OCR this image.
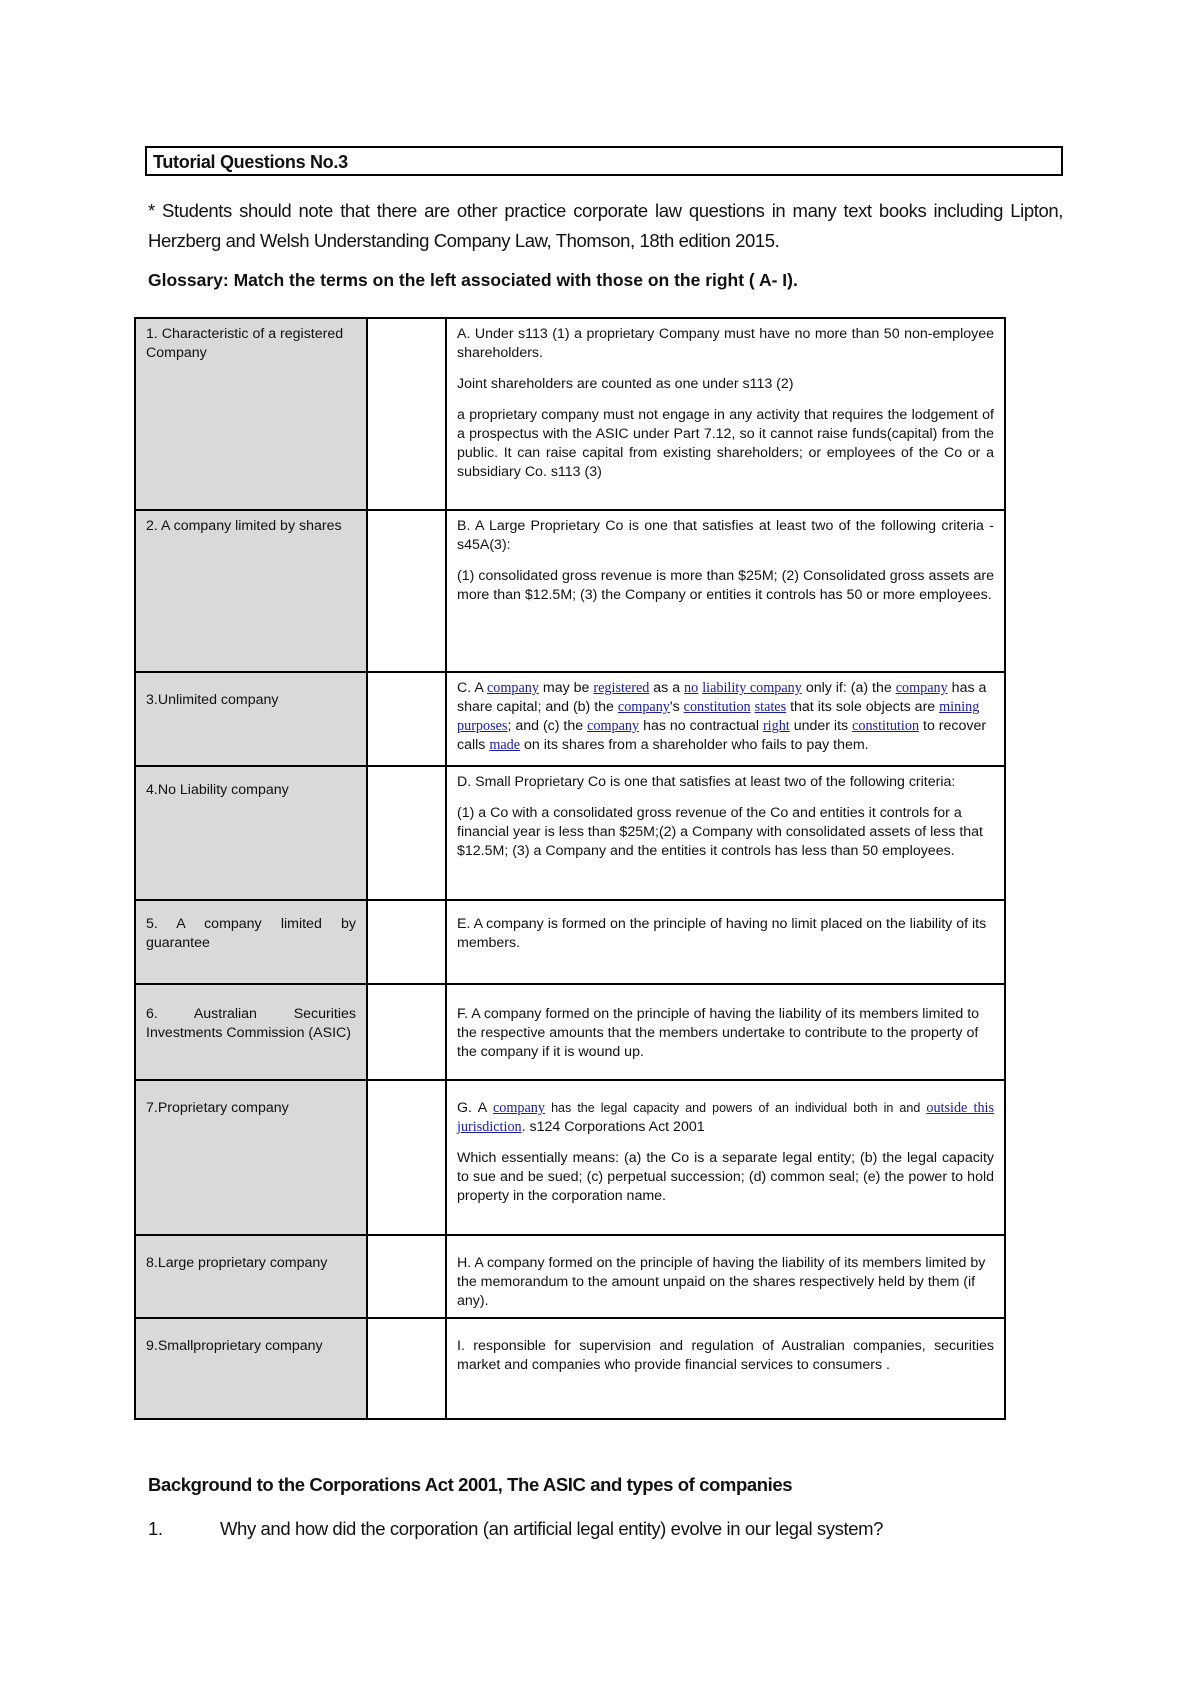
Tutorial Questions No.3
* Students should note that there are other practice corporate law questions in many text books including Lipton, Herzberg and Welsh Understanding Company Law, Thomson, 18th edition 2015.
Glossary: Match the terms on the left associated with those on the right ( A- I).
1. Characteristic of a registered Company		A. Under s113 (1) a proprietary Company must have no more than 50 non-employee shareholders.

Joint shareholders are counted as one under s113 (2)

a proprietary company must not engage in any activity that requires the lodgement of a prospectus with the ASIC under Part 7.12, so it cannot raise funds(capital) from the public. It can raise capital from existing shareholders; or employees of the Co or a subsidiary Co. s113 (3)

2. A company limited by shares		B. A Large Proprietary Co is one that satisfies at least two of the following criteria - s45A(3):

(1) consolidated gross revenue is more than $25M; (2) Consolidated gross assets are more than $12.5M; (3) the Company or entities it controls has 50 or more employees.

3.Unlimited company		C. A company may be registered as a no liability company only if: (a) the company has a share capital; and (b) the company's constitution states that its sole objects are mining purposes; and (c) the company has no contractual right under its constitution to recover calls made on its shares from a shareholder who fails to pay them.
4.No Liability company		D. Small Proprietary Co is one that satisfies at least two of the following criteria:

(1) a Co with a consolidated gross revenue of the Co and entities it controls for a financial year is less than $25M;(2) a Company with consolidated assets of less that $12.5M; (3) a Company and the entities it controls has less than 50 employees.

5. A company limited by guarantee		E. A company is formed on the principle of having no limit placed on the liability of its members.
6. Australian Securities Investments Commission (ASIC)		F. A company formed on the principle of having the liability of its members limited to the respective amounts that the members undertake to contribute to the property of the company if it is wound up.
7.Proprietary company		G. A company has the legal capacity and powers of an individual both in and outside this jurisdiction. s124 Corporations Act 2001

Which essentially means: (a) the Co is a separate legal entity; (b) the legal capacity to sue and be sued; (c) perpetual succession; (d) common seal; (e) the power to hold property in the corporation name.

8.Large proprietary company		H. A company formed on the principle of having the liability of its members limited by the memorandum to the amount unpaid on the shares respectively held by them (if any).
9.Smallproprietary company		I. responsible for supervision and regulation of Australian companies, securities market and companies who provide financial services to consumers .
Background to the Corporations Act 2001, The ASIC and types of companies
1.	Why and how did the corporation (an artificial legal entity) evolve in our legal system?
